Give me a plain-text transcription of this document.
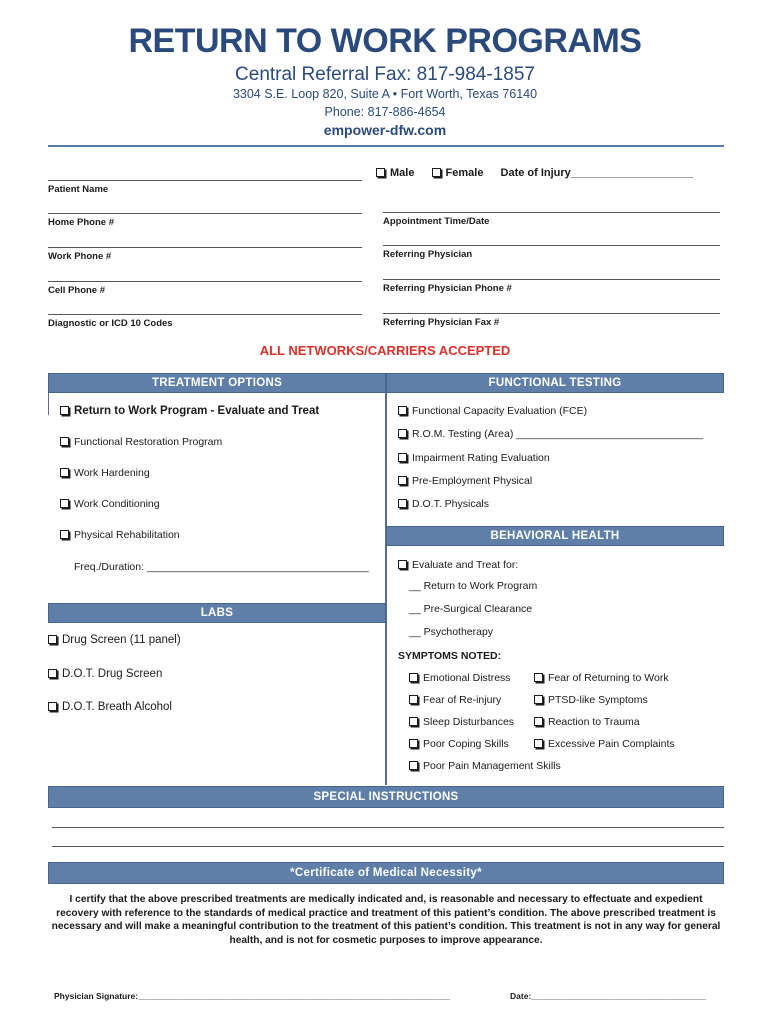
RETURN TO WORK PROGRAMS
Central Referral Fax: 817-984-1857
3304 S.E. Loop 820, Suite A • Fort Worth, Texas 76140
Phone: 817-886-4654
empower-dfw.com
Male	Female Date of Injury____________________
Patient Name
Home Phone #
Work Phone #
Cell Phone #
Diagnostic or ICD 10 Codes
Appointment Time/Date
Referring Physician
Referring Physician Phone #
Referring Physician Fax #
ALL NETWORKS/CARRIERS ACCEPTED
TREATMENT OPTIONS	FUNCTIONAL TESTING
Return to Work Program - Evaluate and Treat
Functional Restoration Program
Work Hardening
Work Conditioning
Physical Rehabilitation
Freq./Duration: ______________________________________
LABS
Drug Screen (11 panel)
D.O.T. Drug Screen
D.O.T. Breath Alcohol
Functional Capacity Evaluation (FCE)
R.O.M. Testing (Area) ________________________________
Impairment Rating Evaluation
Pre-Employment Physical
D.O.T. Physicals
BEHAVIORAL HEALTH
Evaluate and Treat for:
__ Return to Work Program
__ Pre-Surgical Clearance
__ Psychotherapy
SYMPTOMS NOTED:
Emotional Distress
Fear of Re-injury
Sleep Disturbances
Poor Coping Skills
Poor Pain Management Skills
Fear of Returning to Work
PTSD-like Symptoms
Reaction to Trauma
Excessive Pain Complaints
SPECIAL INSTRUCTIONS
*Certificate of Medical Necessity*
I certify that the above prescribed treatments are medically indicated and, is reasonable and necessary to effectuate and expedient recovery with reference to the standards of medical practice and treatment of this patient’s condition. The above prescribed treatment is necessary and will make a meaningful contribution to the treatment of this patient’s condition. This treatment is not in any way for general health, and is not for cosmetic purposes to improve appearance.
Physician Signature:__________________________________________________________________	Date:_____________________________________
